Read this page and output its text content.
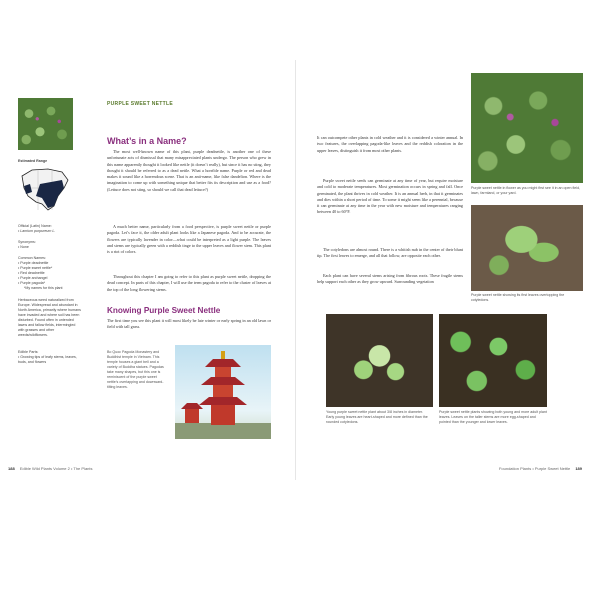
PURPLE SWEET NETTLE
Estimated Range
Official (Latin) Name:
• Lamium purpureum L.
Synonyms:
• None
Common Names:
• Purple deadnettle
• Purple sweet nettle*
• Red deadnettle
• Purple archangel
• Purple pagoda*
*My names for this plant
Herbaceous weed naturalized from Europe. Widespread and abundant in North America, primarily where humans have invaded and where soil has been disturbed. Found often in untended lawns and fallow fields, intermingled with grasses and other weeds/wildflowers.
Edible Parts:
• Growing tips of leafy stems, leaves, buds, and flowers
What’s in a Name?
The most well-known name of this plant, purple deadnettle, is another one of these unfortunate acts of dismissal that many misappreciated plants undergo. The person who grew in this name apparently thought it looked like nettle (it doesn’t really), but since it has no sting, they thought it should be referred to as a dead nettle. What a horrible name. Purple or red and dead makes it sound like a horrendous scene. That is an anti-name, like false dandelion. Where is the imagination to come up with something unique that better fits its description and use as a food? (Lettuce does not sting, so should we call that dead lettuce?)
A much better name, particularly from a food perspective, is purple sweet nettle or purple pagoda. Let’s face it, the older adult plant looks like a Japanese pagoda. And to be accurate, the flowers are typically lavender in color—what could be interpreted as a light purple. The leaves and stems are typically green with a reddish tinge to the upper leaves and flower stem. This plant is a riot of colors.
Throughout this chapter I am going to refer to this plant as purple sweet nettle, dropping the dead concept. In parts of this chapter, I will use the term pagoda to refer to the cluster of leaves at the top of the long flowering stems.
Knowing Purple Sweet Nettle
The first time you see this plant it will most likely be late winter or early spring in an old lawn or field with tall grass.
Bo Quoc Pagoda Monastery and Buddhist temple in Vietnam. This temple houses a giant bell and a variety of Buddha statues. Pagodas take many shapes, but this one is reminiscent of the purple sweet nettle’s overlapping and downward-tilting leaves.
188 Edible Wild Plants Volume 2 • The Plants
It can outcompete other plants in cold weather and it is considered a winter annual. In two features, the overlapping pagoda-like leaves and the reddish coloration in the upper leaves, distinguish it from most other plants.
Purple sweet nettle seeds can germinate at any time of year, but require moisture and cold to moderate temperatures. Most germination occurs in spring and fall. Once germinated, the plant thrives in cold weather. It is an annual herb, in that it germinates and dies within a short period of time. To some it might seem like a perennial, because it can germinate at any time in the year with new moisture and temperatures ranging between 40 to 60°F.
The cotyledons are almost round. There is a whitish nub in the center of their blunt tip. The first leaves to emerge, and all that follow, are opposite each other.
Each plant can have several stems arising from fibrous roots. These fragile stems help support each other as they grow upward. Surrounding vegetation
Purple sweet nettle in flower as you might first see it in an open field, lawn, farmland, or your yard.
Purple sweet nettle showing its first leaves overtopping the cotyledons.
Young purple sweet nettle plant about 3/8 inches in diameter. Early young leaves are heart-shaped and more defined than the rounded cotyledons.
Purple sweet nettle plants showing both young and more adult plant leaves. Leaves on the taller stems are more egg-shaped and pointed than the younger and lower leaves.
Foundation Plants • Purple Sweet Nettle 189
